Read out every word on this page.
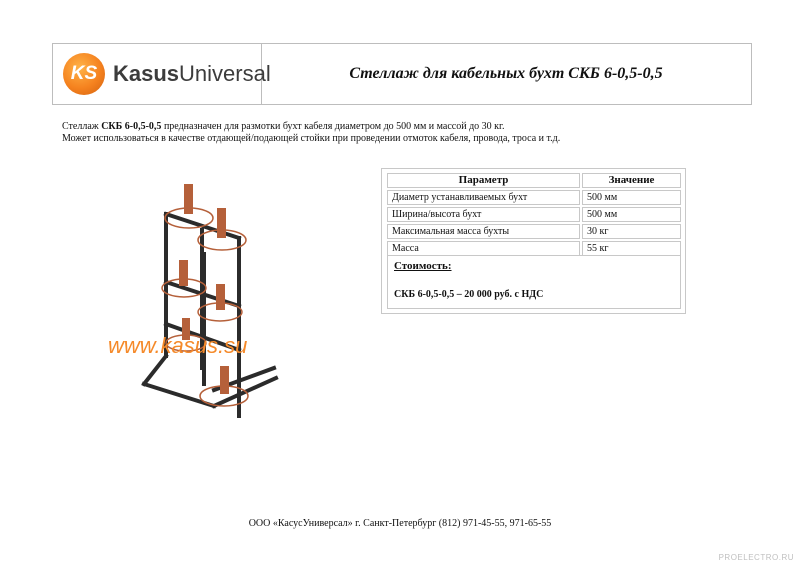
KS KasusUniversal	Стеллаж для кабельных бухт СКБ 6-0,5-0,5
Стеллаж СКБ 6-0,5-0,5 предназначен для размотки бухт кабеля диаметром до 500 мм и массой до 30 кг.
Может использоваться в качестве отдающей/подающей стойки при проведении отмоток кабеля, провода, троса и т.д.
www.kasus.su
Параметр	Значение
Диаметр устанавливаемых бухт	500 мм
Ширина/высота бухт	500 мм
Максимальная масса бухты	30 кг
Масса	55 кг
Стоимость:
СКБ 6-0,5-0,5 – 20 000 руб. с НДС
ООО «КасусУниверсал» г. Санкт-Петербург (812) 971-45-55, 971-65-55
PROELECTRO.RU
